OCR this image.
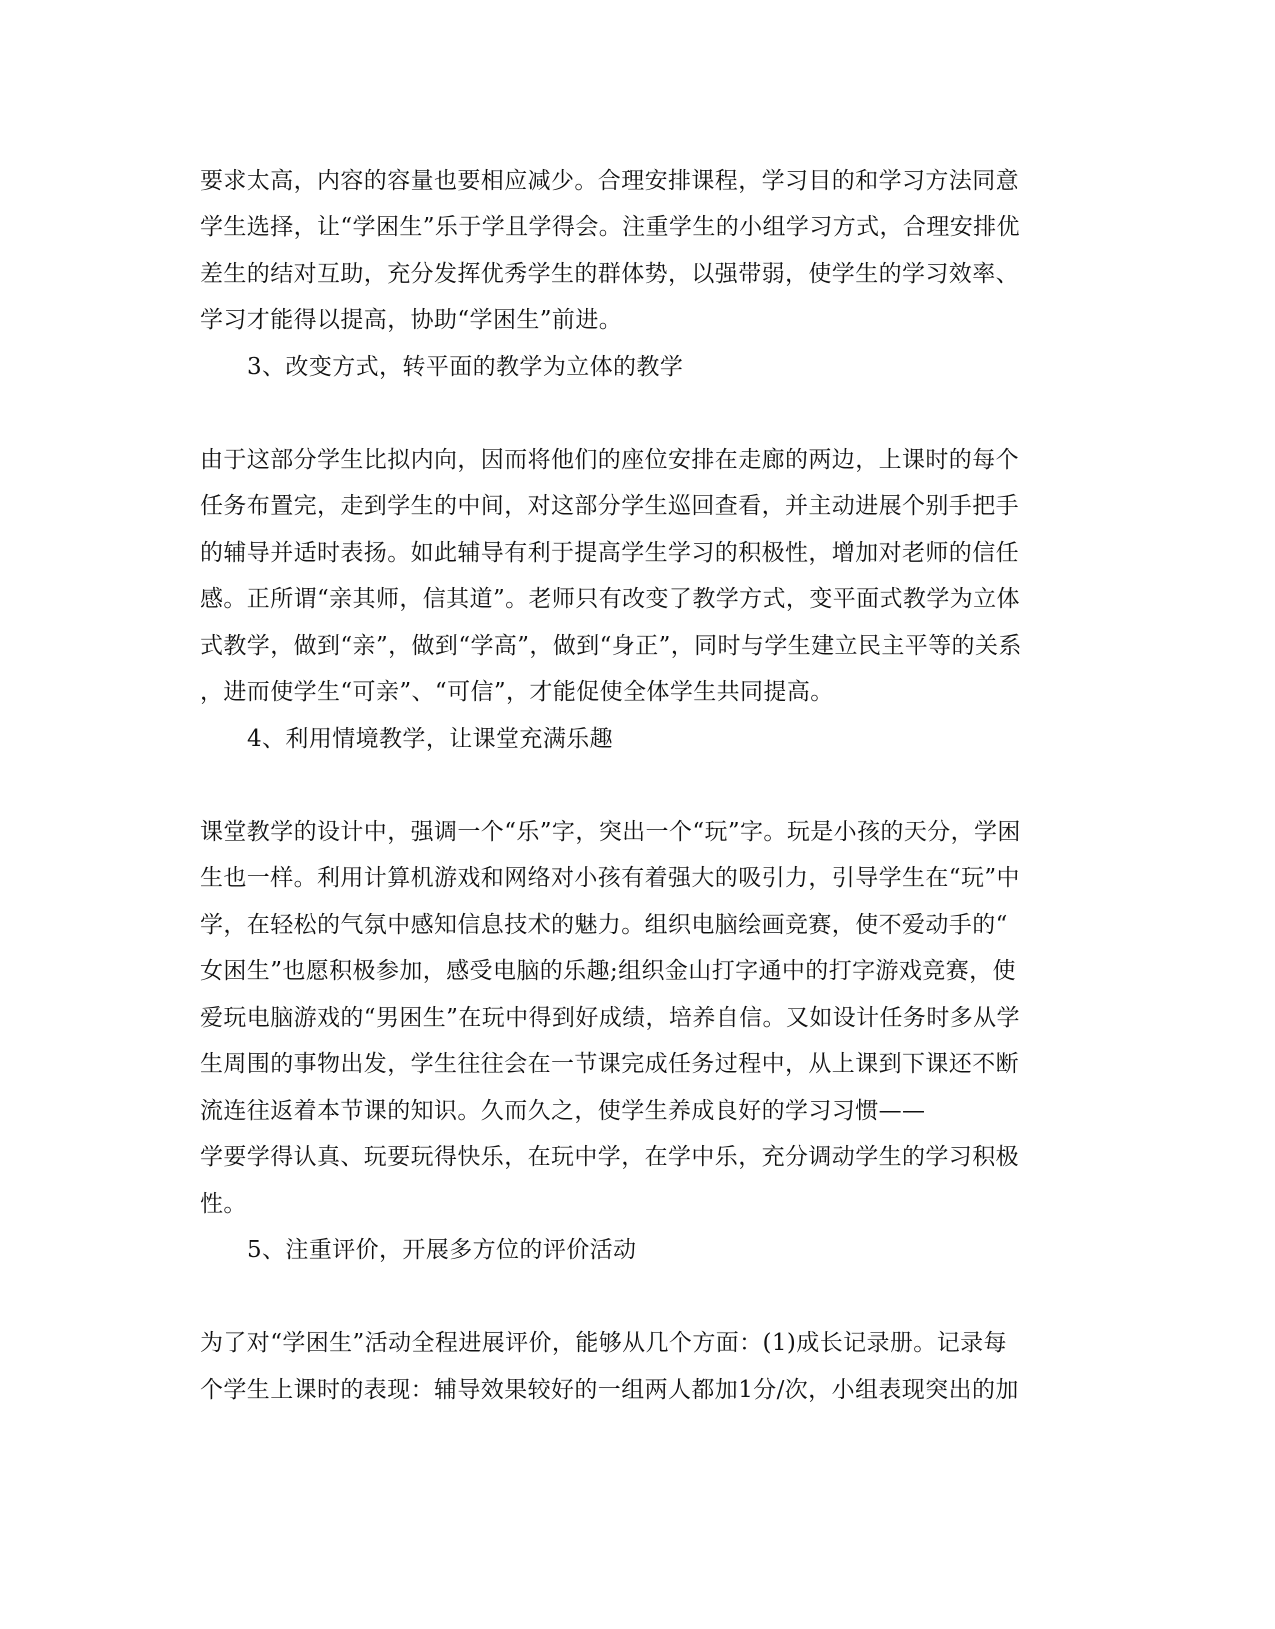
要求太高，内容的容量也要相应减少。合理安排课程，学习目的和学习方法同意
学生选择，让“学困生”乐于学且学得会。注重学生的小组学习方式，合理安排优
差生的结对互助，充分发挥优秀学生的群体势，以强带弱，使学生的学习效率、
学习才能得以提高，协助“学困生”前进。
3、改变方式，转平面的教学为立体的教学
由于这部分学生比拟内向，因而将他们的座位安排在走廊的两边，上课时的每个
任务布置完，走到学生的中间，对这部分学生巡回查看，并主动进展个别手把手
的辅导并适时表扬。如此辅导有利于提高学生学习的积极性，增加对老师的信任
感。正所谓“亲其师，信其道”。老师只有改变了教学方式，变平面式教学为立体
式教学，做到“亲”，做到“学高”，做到“身正”，同时与学生建立民主平等的关系
，进而使学生“可亲”、“可信”，才能促使全体学生共同提高。
4、利用情境教学，让课堂充满乐趣
课堂教学的设计中，强调一个“乐”字，突出一个“玩”字。玩是小孩的天分，学困
生也一样。利用计算机游戏和网络对小孩有着强大的吸引力，引导学生在“玩”中
学，在轻松的气氛中感知信息技术的魅力。组织电脑绘画竞赛，使不爱动手的“
女困生”也愿积极参加，感受电脑的乐趣;组织金山打字通中的打字游戏竞赛，使
爱玩电脑游戏的“男困生”在玩中得到好成绩，培养自信。又如设计任务时多从学
生周围的事物出发，学生往往会在一节课完成任务过程中，从上课到下课还不断
流连往返着本节课的知识。久而久之，使学生养成良好的学习习惯——
学要学得认真、玩要玩得快乐，在玩中学，在学中乐，充分调动学生的学习积极
性。
5、注重评价，开展多方位的评价活动
为了对“学困生”活动全程进展评价，能够从几个方面：(1)成长记录册。记录每
个学生上课时的表现：辅导效果较好的一组两人都加1分/次，小组表现突出的加
